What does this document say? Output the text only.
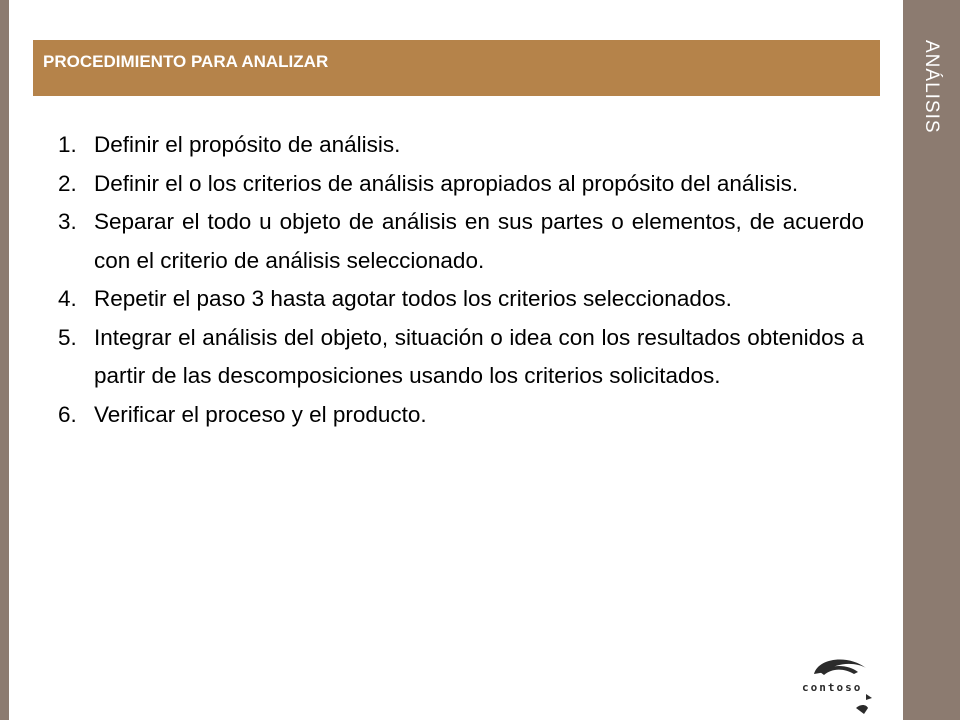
ANÁLISIS
PROCEDIMIENTO PARA ANALIZAR
1. Definir el propósito de análisis.
2. Definir el o los criterios de análisis apropiados al propósito del análisis.
3. Separar el todo u objeto de análisis en sus partes o elementos, de acuerdo con el criterio de análisis seleccionado.
4. Repetir el paso 3 hasta agotar todos los criterios seleccionados.
5. Integrar el análisis del objeto, situación o idea con los resultados obtenidos a partir de las descomposiciones usando los criterios solicitados.
6. Verificar el proceso y el producto.
contoso
